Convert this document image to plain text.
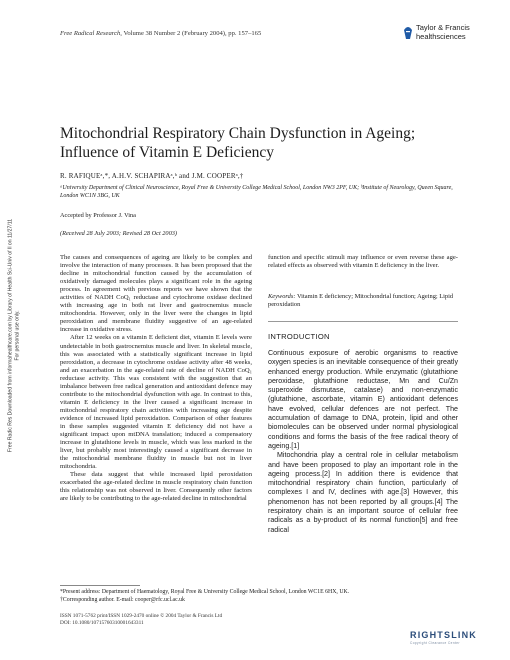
Free Radical Research, Volume 38 Number 2 (February 2004), pp. 157–165
Taylor & Francis
healthsciences
Mitochondrial Respiratory Chain Dysfunction in Ageing; Influence of Vitamin E Deficiency
R. RAFIQUEᵃ,*, A.H.V. SCHAPIRAᵃ,ᵇ and J.M. COOPERᵃ,†
ᵃUniversity Department of Clinical Neuroscience, Royal Free & University College Medical School, London NW3 2PF, UK; ᵇInstitute of Neurology, Queen Square, London WC1N 3BG, UK
Accepted by Professor J. Vina
(Received 28 July 2003; Revised 28 Oct 2003)

The causes and consequences of ageing are likely to be complex and involve the interaction of many processes. It has been proposed that the decline in mitochondrial function caused by the accumulation of oxidatively damaged molecules plays a significant role in the ageing process. In agreement with previous reports we have shown that the activities of NADH CoQ₁ reductase and cytochrome oxidase declined with increasing age in both rat liver and gastrocnemius muscle mitochondria. However, only in the liver were the changes in lipid peroxidation and membrane fluidity suggestive of an age-related increase in oxidative stress.

After 12 weeks on a vitamin E deficient diet, vitamin E levels were undetectable in both gastrocnemius muscle and liver. In skeletal muscle, this was associated with a statistically significant increase in lipid peroxidation, a decrease in cytochrome oxidase activity after 48 weeks, and an exacerbation in the age-related rate of decline of NADH CoQ₁ reductase activity. This was consistent with the suggestion that an imbalance between free radical generation and antioxidant defence may contribute to the mitochondrial dysfunction with age. In contrast to this, vitamin E deficiency in the liver caused a significant increase in mitochondrial respiratory chain activities with increasing age despite evidence of increased lipid peroxidation. Comparison of other features in these samples suggested vitamin E deficiency did not have a significant impact upon mtDNA translation; induced a compensatory increase in glutathione levels in muscle, which was less marked in the liver, but probably most interestingly caused a significant decrease in the mitochondrial membrane fluidity in muscle but not in liver mitochondria.

These data suggest that while increased lipid peroxidation exacerbated the age-related decline in muscle respiratory chain function this relationship was not observed in liver. Consequently other factors are likely to be contributing to the age-related decline in mitochondrial

function and specific stimuli may influence or even reverse these age-related effects as observed with vitamin E deficiency in the liver.

Keywords: Vitamin E deficiency; Mitochondrial function; Ageing; Lipid peroxidation
INTRODUCTION

Continuous exposure of aerobic organisms to reactive oxygen species is an inevitable consequence of their greatly enhanced energy production. While enzymatic (glutathione peroxidase, glutathione reductase, Mn and Cu/Zn superoxide dismutase, catalase) and non-enzymatic (glutathione, ascorbate, vitamin E) antioxidant defences have evolved, cellular defences are not perfect. The accumulation of damage to DNA, protein, lipid and other biomolecules can be observed under normal physiological conditions and forms the basis of the free radical theory of ageing.[1]

Mitochondria play a central role in cellular metabolism and have been proposed to play an important role in the ageing process.[2] In addition there is evidence that mitochondrial respiratory chain function, particularly of complexes I and IV, declines with age.[3] However, this phenomenon has not been reported by all groups.[4] The respiratory chain is an important source of cellular free radicals as a by-product of its normal function[5] and free radical

*Present address: Department of Haematology, Royal Free & University College Medical School, London WC1E 6HX, UK.
†Corresponding author. E-mail: cooper@rfc.ucl.ac.uk
ISSN 1071-5762 print/ISSN 1029-2470 online © 2004 Taylor & Francis Ltd
DOI: 10.1080/10715760310001643311
RIGHTSLINK
Copyright Clearance Center
Free Radic Res Downloaded from informahealthcare.com by Library of Health Sci-Univ of Il on 11/27/11 For personal use only.
